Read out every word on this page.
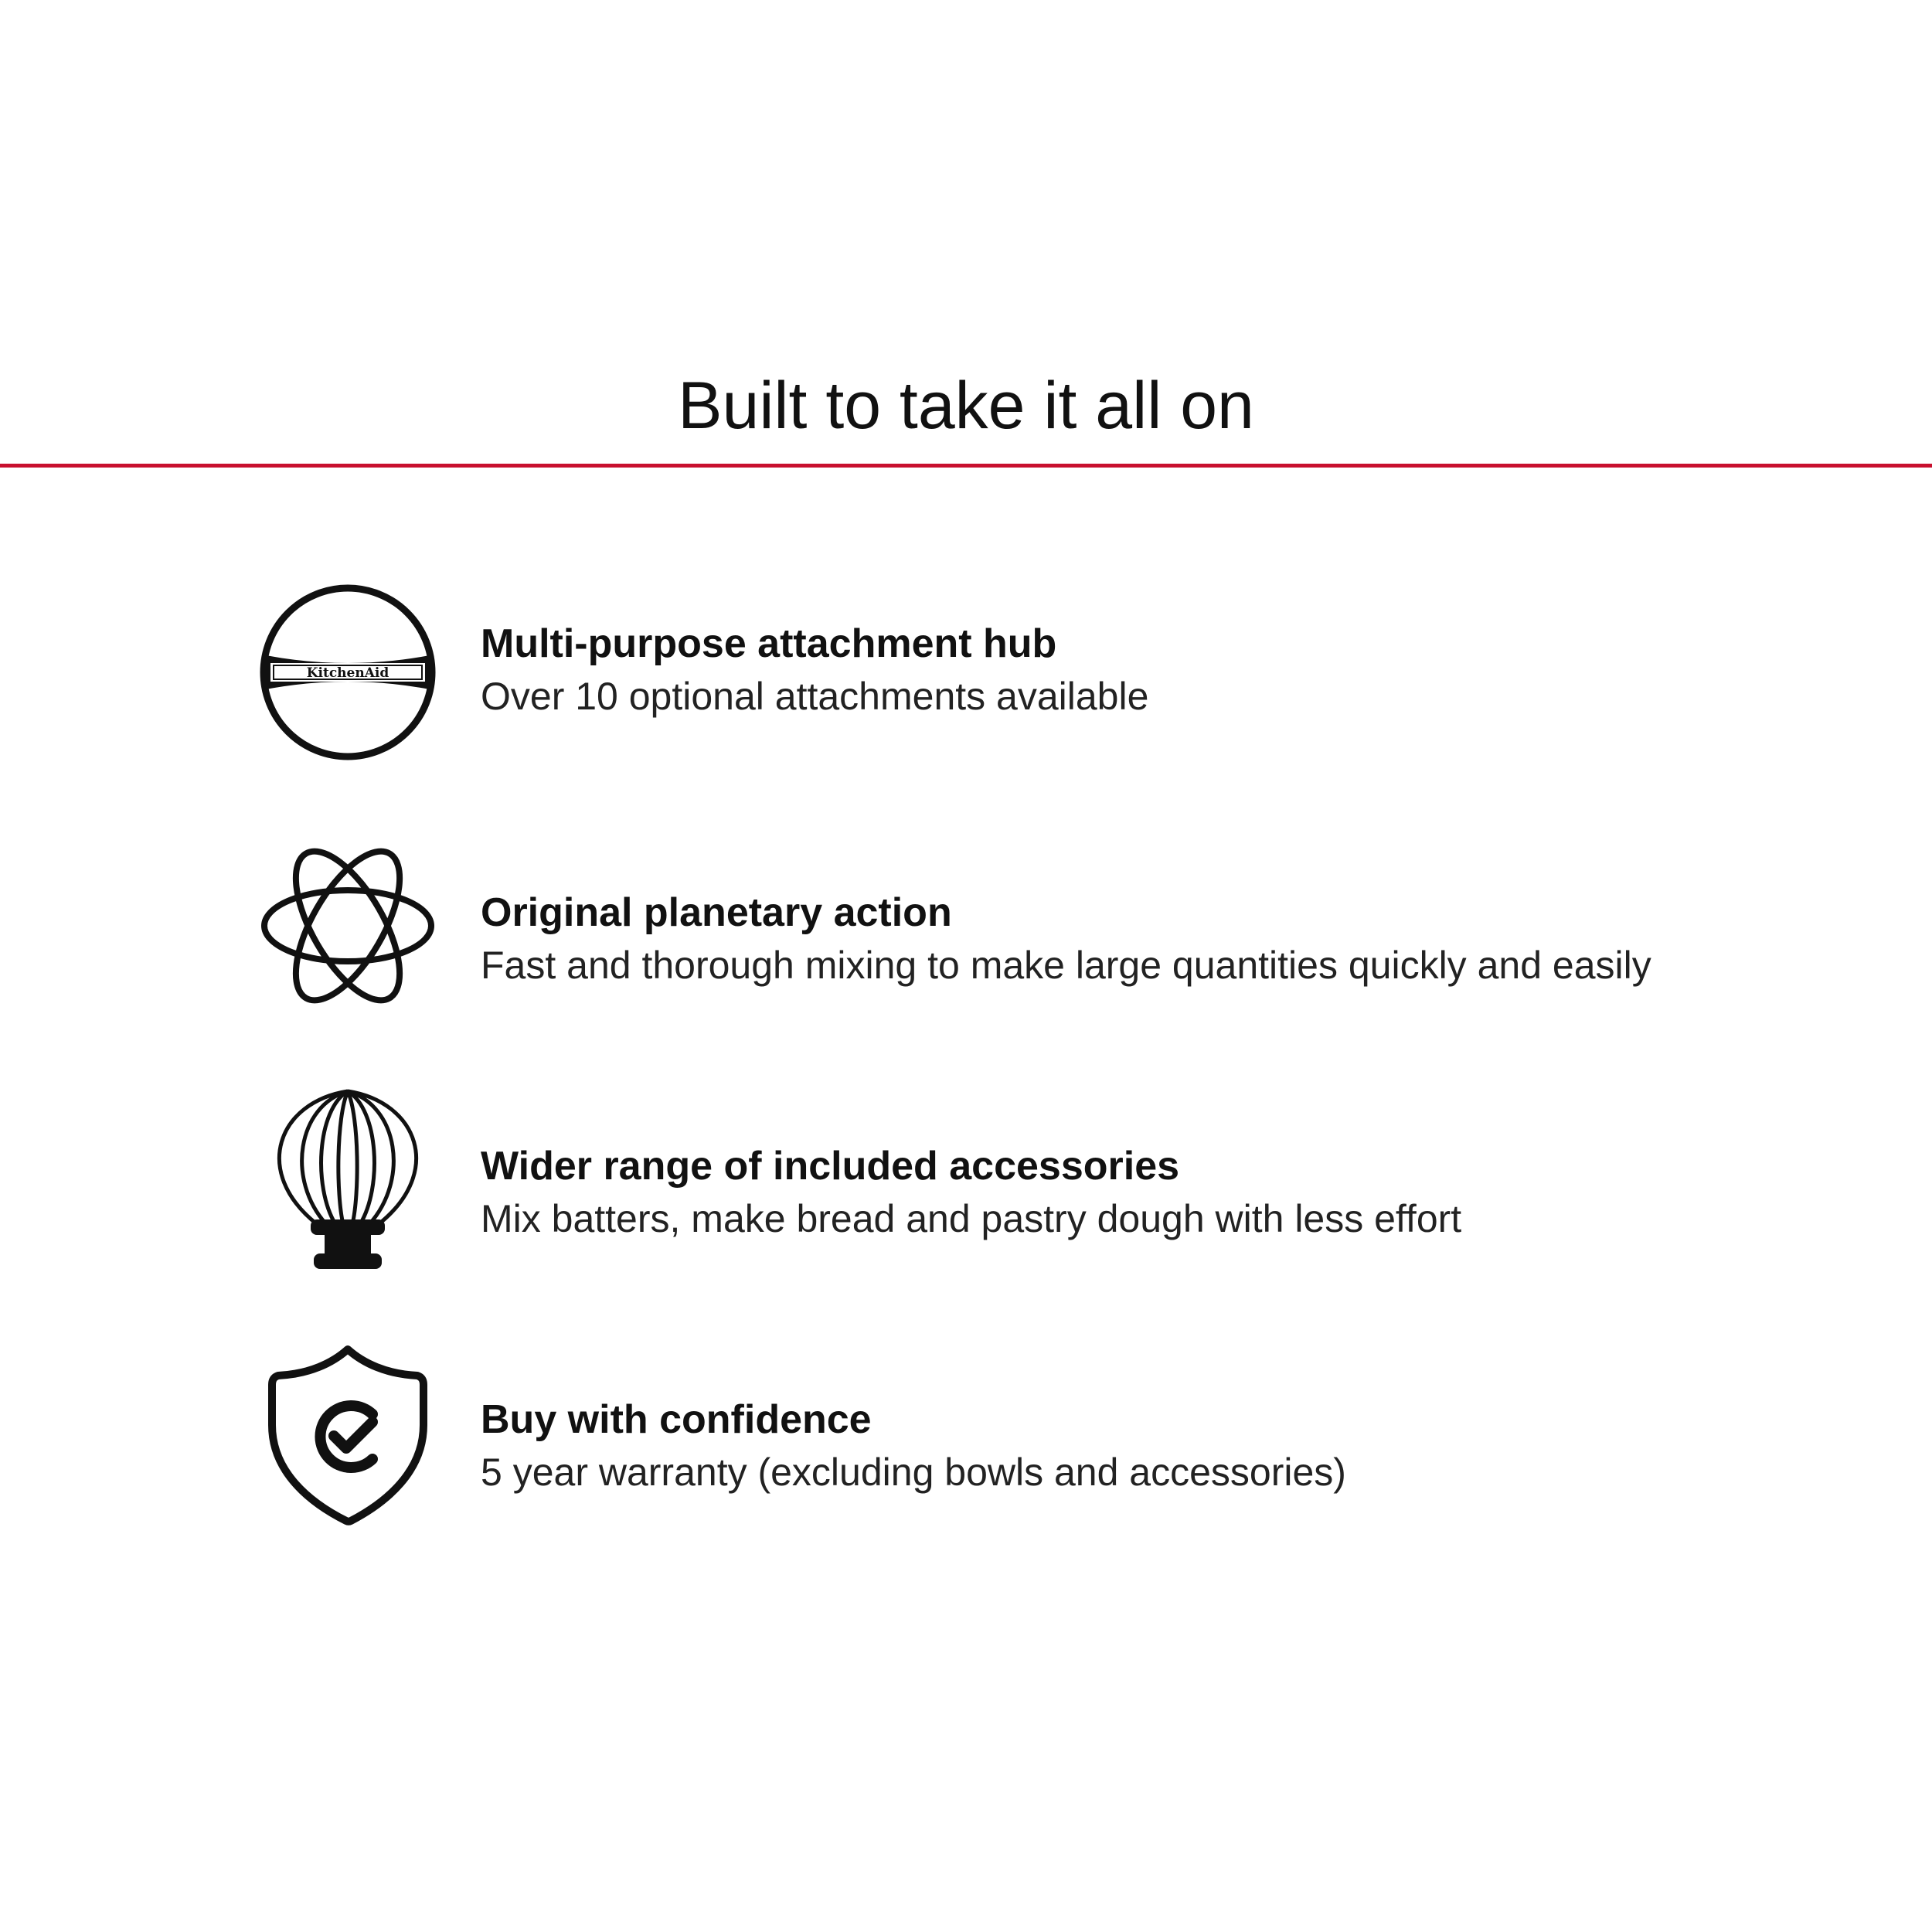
Built to take it all on
KitchenAid
Multi-purpose attachment hub
Over 10 optional attachments available
Original planetary action
Fast and thorough mixing to make large quantities quickly and easily
Wider range of included accessories
Mix batters, make bread and pastry dough with less effort
Buy with confidence
5 year warranty (excluding bowls and accessories)
